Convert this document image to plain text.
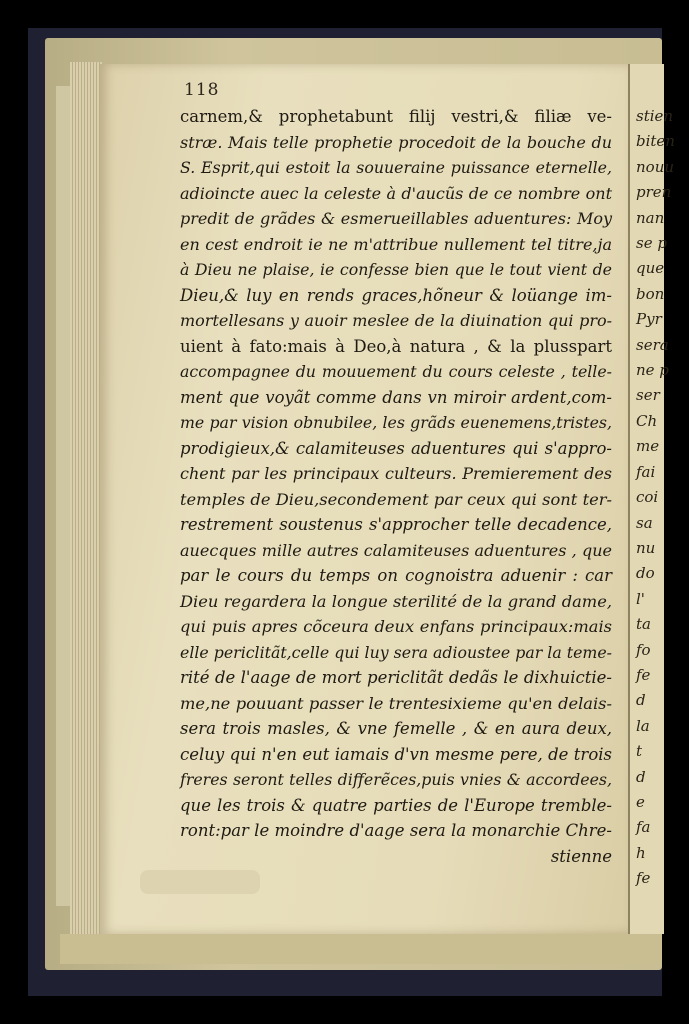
stien
biten
nouu
pren
nan
se p
que
bon
Pyr
sera
ne p
ser
Ch
me
fai
coi
sa
nu
do
l'
ta
fo
fe
d
la
t
d
e
fa
h
fe
118
carnem,& prophetabunt filij vestri,& filiæ ve-
stræ. Mais telle prophetie procedoit de la bouche du
S. Esprit,qui estoit la souueraine puissance eternelle,
adioincte auec la celeste à d'aucũs de ce nombre ont
predit de grãdes & esmerueillables aduentures: Moy
en cest endroit ie ne m'attribue nullement tel titre,ja
à Dieu ne plaise, ie confesse bien que le tout vient de
Dieu,& luy en rends graces,hõneur & loüange im-
mortellesans y auoir meslee de la diuination qui pro-
uient à fato:mais à Deo,à natura , & la plusspart
accompagnee du mouuement du cours celeste , telle-
ment que voyãt comme dans vn miroir ardent,com-
me par vision obnubilee, les grãds euenemens,tristes,
prodigieux,& calamiteuses aduentures qui s'appro-
chent par les principaux culteurs. Premierement des
temples de Dieu,secondement par ceux qui sont ter-
restrement soustenus s'approcher telle decadence,
auecques mille autres calamiteuses aduentures , que
par le cours du temps on cognoistra aduenir : car
Dieu regardera la longue sterilité de la grand dame,
qui puis apres cõceura deux enfans principaux:mais
elle periclitãt,celle qui luy sera adioustee par la teme-
rité de l'aage de mort periclitãt dedãs le dixhuictie-
me,ne pouuant passer le trentesixieme qu'en delais-
sera trois masles, & vne femelle , & en aura deux,
celuy qui n'en eut iamais d'vn mesme pere, de trois
freres seront telles differẽces,puis vnies & accordees,
que les trois & quatre parties de l'Europe tremble-
ront:par le moindre d'aage sera la monarchie Chre-
stienne
